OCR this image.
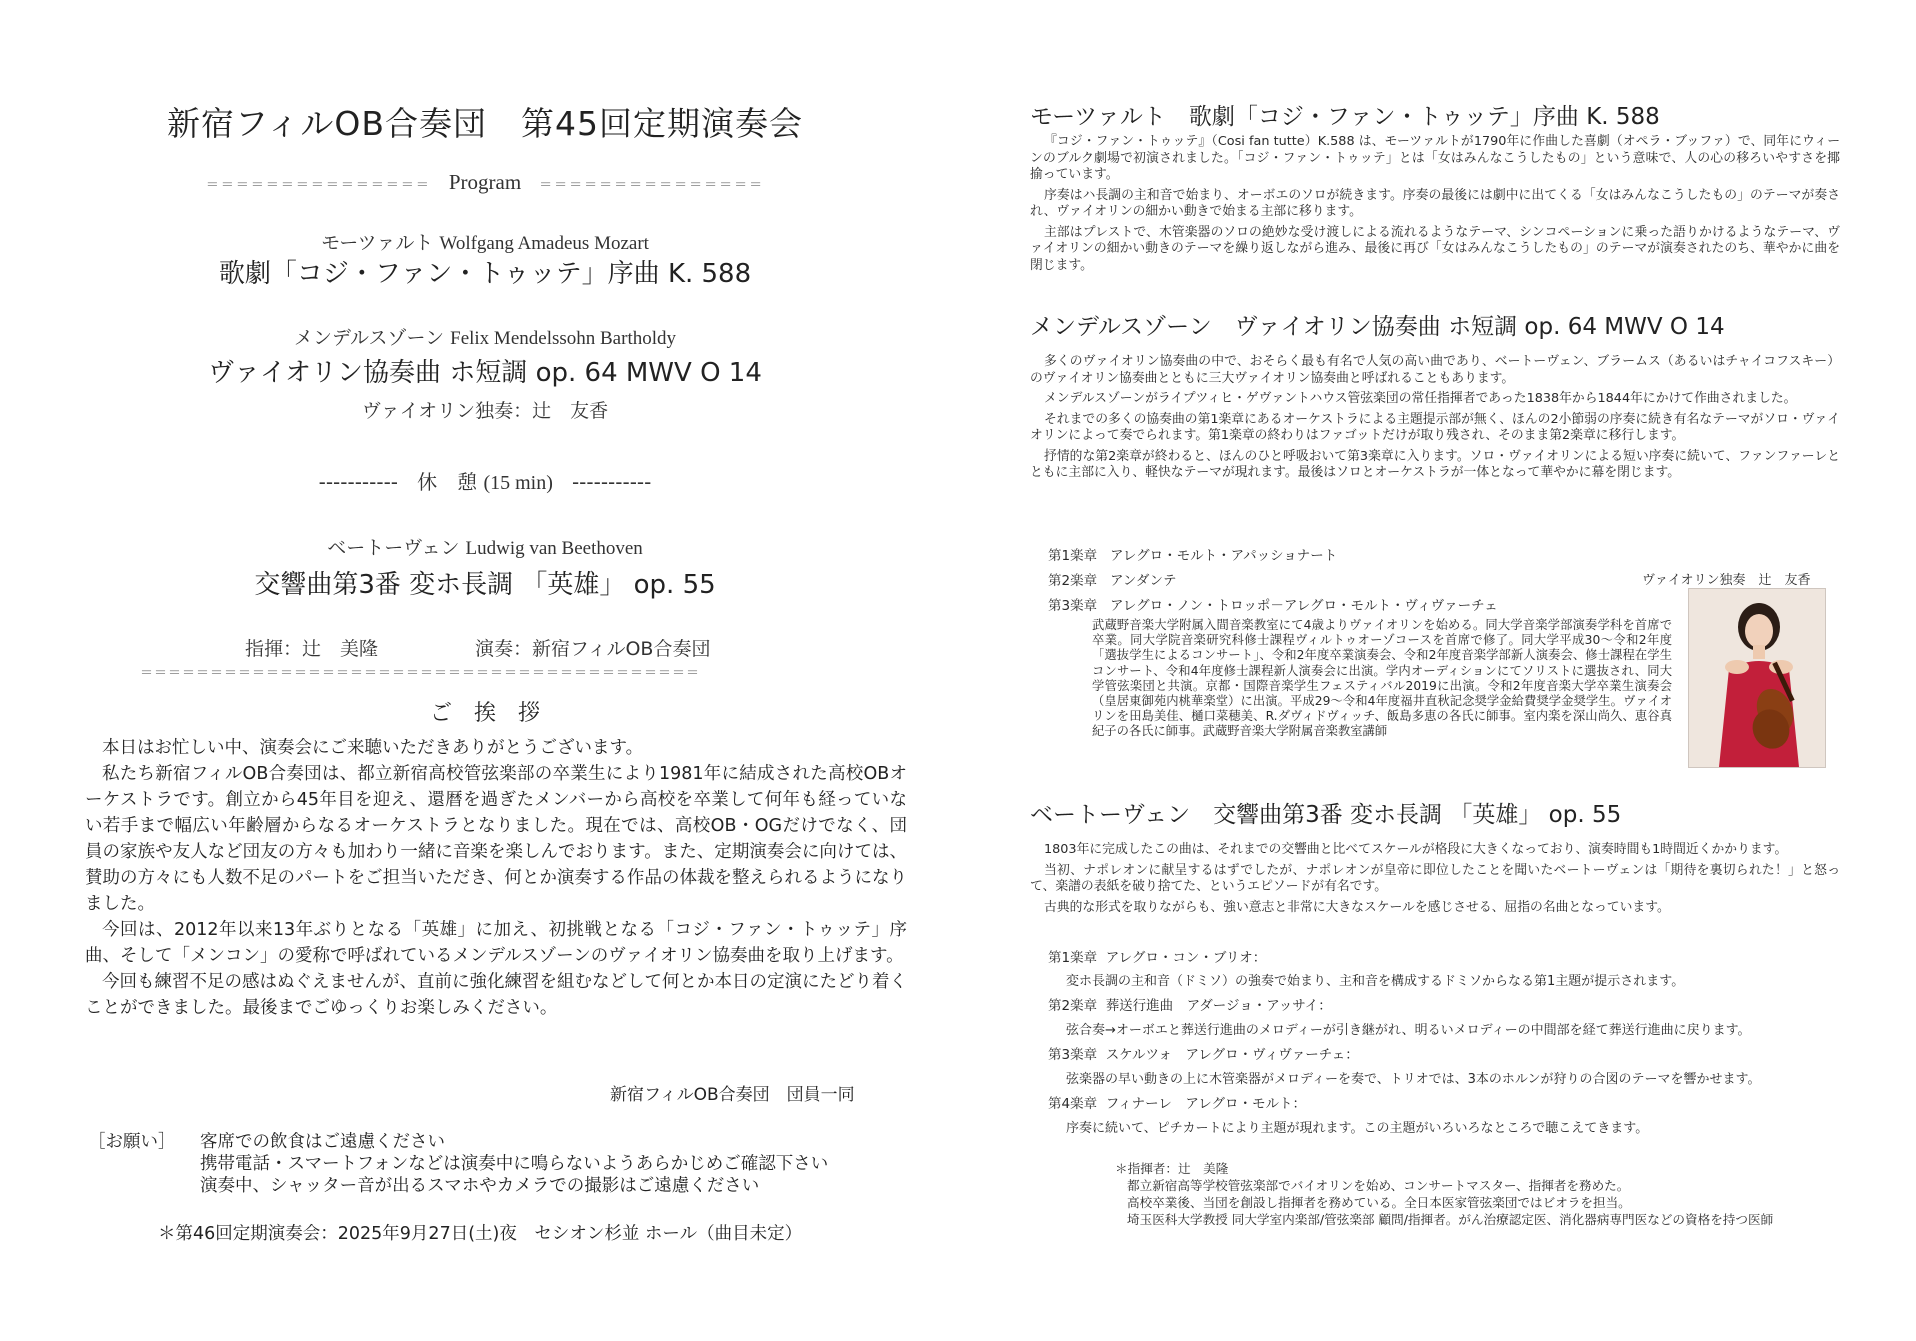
新宿フィルOB合奏団　第45回定期演奏会
＝＝＝＝＝＝＝＝＝＝＝＝＝＝＝ Program ＝＝＝＝＝＝＝＝＝＝＝＝＝＝＝
モーツァルト Wolfgang Amadeus Mozart
歌劇「コジ・ファン・トゥッテ」序曲 K. 588
メンデルスゾーン Felix Mendelssohn Bartholdy
ヴァイオリン協奏曲 ホ短調 op. 64 MWV O 14
ヴァイオリン独奏：辻　友香
----------- 休　憩 (15 min) -----------
ベートーヴェン Ludwig van Beethoven
交響曲第3番 変ホ長調 「英雄」 op. 55
指揮：辻　美隆	演奏：新宿フィルOB合奏団
＝＝＝＝＝＝＝＝＝＝＝＝＝＝＝＝＝＝＝＝＝＝＝＝＝＝＝＝＝＝＝＝＝＝＝＝＝＝＝＝
ご　挨　拶

本日はお忙しい中、演奏会にご来聴いただきありがとうございます。

私たち新宿フィルOB合奏団は、都立新宿高校管弦楽部の卒業生により1981年に結成された高校OBオーケストラです。創立から45年目を迎え、還暦を過ぎたメンバーから高校を卒業して何年も経っていない若手まで幅広い年齢層からなるオーケストラとなりました。現在では、高校OB・OGだけでなく、団員の家族や友人など団友の方々も加わり一緒に音楽を楽しんでおります。また、定期演奏会に向けては、賛助の方々にも人数不足のパートをご担当いただき、何とか演奏する作品の体裁を整えられるようになりました。

今回は、2012年以来13年ぶりとなる「英雄」に加え、初挑戦となる「コジ・ファン・トゥッテ」序曲、そして「メンコン」の愛称で呼ばれているメンデルスゾーンのヴァイオリン協奏曲を取り上げます。

今回も練習不足の感はぬぐえませんが、直前に強化練習を組むなどして何とか本日の定演にたどり着くことができました。最後までごゆっくりお楽しみください。

新宿フィルOB合奏団　団員一同
［お願い］ 客席での飲食はご遠慮ください
携帯電話・スマートフォンなどは演奏中に鳴らないようあらかじめご確認下さい
演奏中、シャッター音が出るスマホやカメラでの撮影はご遠慮ください
＊第46回定期演奏会：2025年9月27日(土)夜　セシオン杉並 ホール（曲目未定）
モーツァルト　歌劇「コジ・ファン・トゥッテ」序曲 K. 588

『コジ・ファン・トゥッテ』（Cosi fan tutte）K.588 は、モーツァルトが1790年に作曲した喜劇（オペラ・ブッファ）で、同年にウィーンのブルク劇場で初演されました。「コジ・ファン・トゥッテ」とは「女はみんなこうしたもの」という意味で、人の心の移ろいやすさを揶揄っています。

序奏はハ長調の主和音で始まり、オーボエのソロが続きます。序奏の最後には劇中に出てくる「女はみんなこうしたもの」のテーマが奏され、ヴァイオリンの細かい動きで始まる主部に移ります。

主部はプレストで、木管楽器のソロの絶妙な受け渡しによる流れるようなテーマ、シンコペーションに乗った語りかけるようなテーマ、ヴァイオリンの細かい動きのテーマを繰り返しながら進み、最後に再び「女はみんなこうしたもの」のテーマが演奏されたのち、華やかに曲を閉じます。

メンデルスゾーン　ヴァイオリン協奏曲 ホ短調 op. 64 MWV O 14

多くのヴァイオリン協奏曲の中で、おそらく最も有名で人気の高い曲であり、ベートーヴェン、ブラームス（あるいはチャイコフスキー）のヴァイオリン協奏曲とともに三大ヴァイオリン協奏曲と呼ばれることもあります。

メンデルスゾーンがライプツィヒ・ゲヴァントハウス管弦楽団の常任指揮者であった1838年から1844年にかけて作曲されました。

それまでの多くの協奏曲の第1楽章にあるオーケストラによる主題提示部が無く、ほんの2小節弱の序奏に続き有名なテーマがソロ・ヴァイオリンによって奏でられます。第1楽章の終わりはファゴットだけが取り残され、そのまま第2楽章に移行します。

抒情的な第2楽章が終わると、ほんのひと呼吸おいて第3楽章に入ります。ソロ・ヴァイオリンによる短い序奏に続いて、ファンファーレとともに主部に入り、軽快なテーマが現れます。最後はソロとオーケストラが一体となって華やかに幕を閉じます。

第1楽章 アレグロ・モルト・アパッショナート
第2楽章 アンダンテ
第3楽章 アレグロ・ノン・トロッポ－アレグロ・モルト・ヴィヴァーチェ
ヴァイオリン独奏　辻　友香

武蔵野音楽大学附属入間音楽教室にて4歳よりヴァイオリンを始める。同大学音楽学部演奏学科を首席で卒業。同大学院音楽研究科修士課程ヴィルトゥオーゾコースを首席で修了。同大学平成30〜令和2年度「選抜学生によるコンサート」、令和2年度卒業演奏会、令和2年度音楽学部新人演奏会、修士課程在学生コンサート、令和4年度修士課程新人演奏会に出演。学内オーディションにてソリストに選抜され、同大学管弦楽団と共演。京都・国際音楽学生フェスティバル2019に出演。令和2年度音楽大学卒業生演奏会（皇居東御苑内桃華楽堂）に出演。平成29〜令和4年度福井直秋記念奨学金給費奨学金奨学生。ヴァイオリンを田島美佳、樋口菜穂美、R.ダヴィドヴィッチ、飯島多恵の各氏に師事。室内楽を深山尚久、恵谷真紀子の各氏に師事。武蔵野音楽大学附属音楽教室講師

ベートーヴェン　交響曲第3番 変ホ長調 「英雄」 op. 55

1803年に完成したこの曲は、それまでの交響曲と比べてスケールが格段に大きくなっており、演奏時間も1時間近くかかります。

当初、ナポレオンに献呈するはずでしたが、ナポレオンが皇帝に即位したことを聞いたベートーヴェンは「期待を裏切られた！」と怒って、楽譜の表紙を破り捨てた、というエピソードが有名です。

古典的な形式を取りながらも、強い意志と非常に大きなスケールを感じさせる、屈指の名曲となっています。

第1楽章 アレグロ・コン・ブリオ：
変ホ長調の主和音（ドミソ）の強奏で始まり、主和音を構成するドミソからなる第1主題が提示されます。
第2楽章 葬送行進曲　アダージョ・アッサイ：
弦合奏→オーボエと葬送行進曲のメロディーが引き継がれ、明るいメロディーの中間部を経て葬送行進曲に戻ります。
第3楽章 スケルツォ　アレグロ・ヴィヴァーチェ：
弦楽器の早い動きの上に木管楽器がメロディーを奏で、トリオでは、3本のホルンが狩りの合図のテーマを響かせます。
第4楽章 フィナーレ　アレグロ・モルト：
序奏に続いて、ピチカートにより主題が現れます。この主題がいろいろなところで聴こえてきます。

＊指揮者：辻　美隆

都立新宿高等学校管弦楽部でバイオリンを始め、コンサートマスター、指揮者を務めた。

高校卒業後、当団を創設し指揮者を務めている。全日本医家管弦楽団ではビオラを担当。

埼玉医科大学教授 同大学室内楽部/管弦楽部 顧問/指揮者。がん治療認定医、消化器病専門医などの資格を持つ医師
